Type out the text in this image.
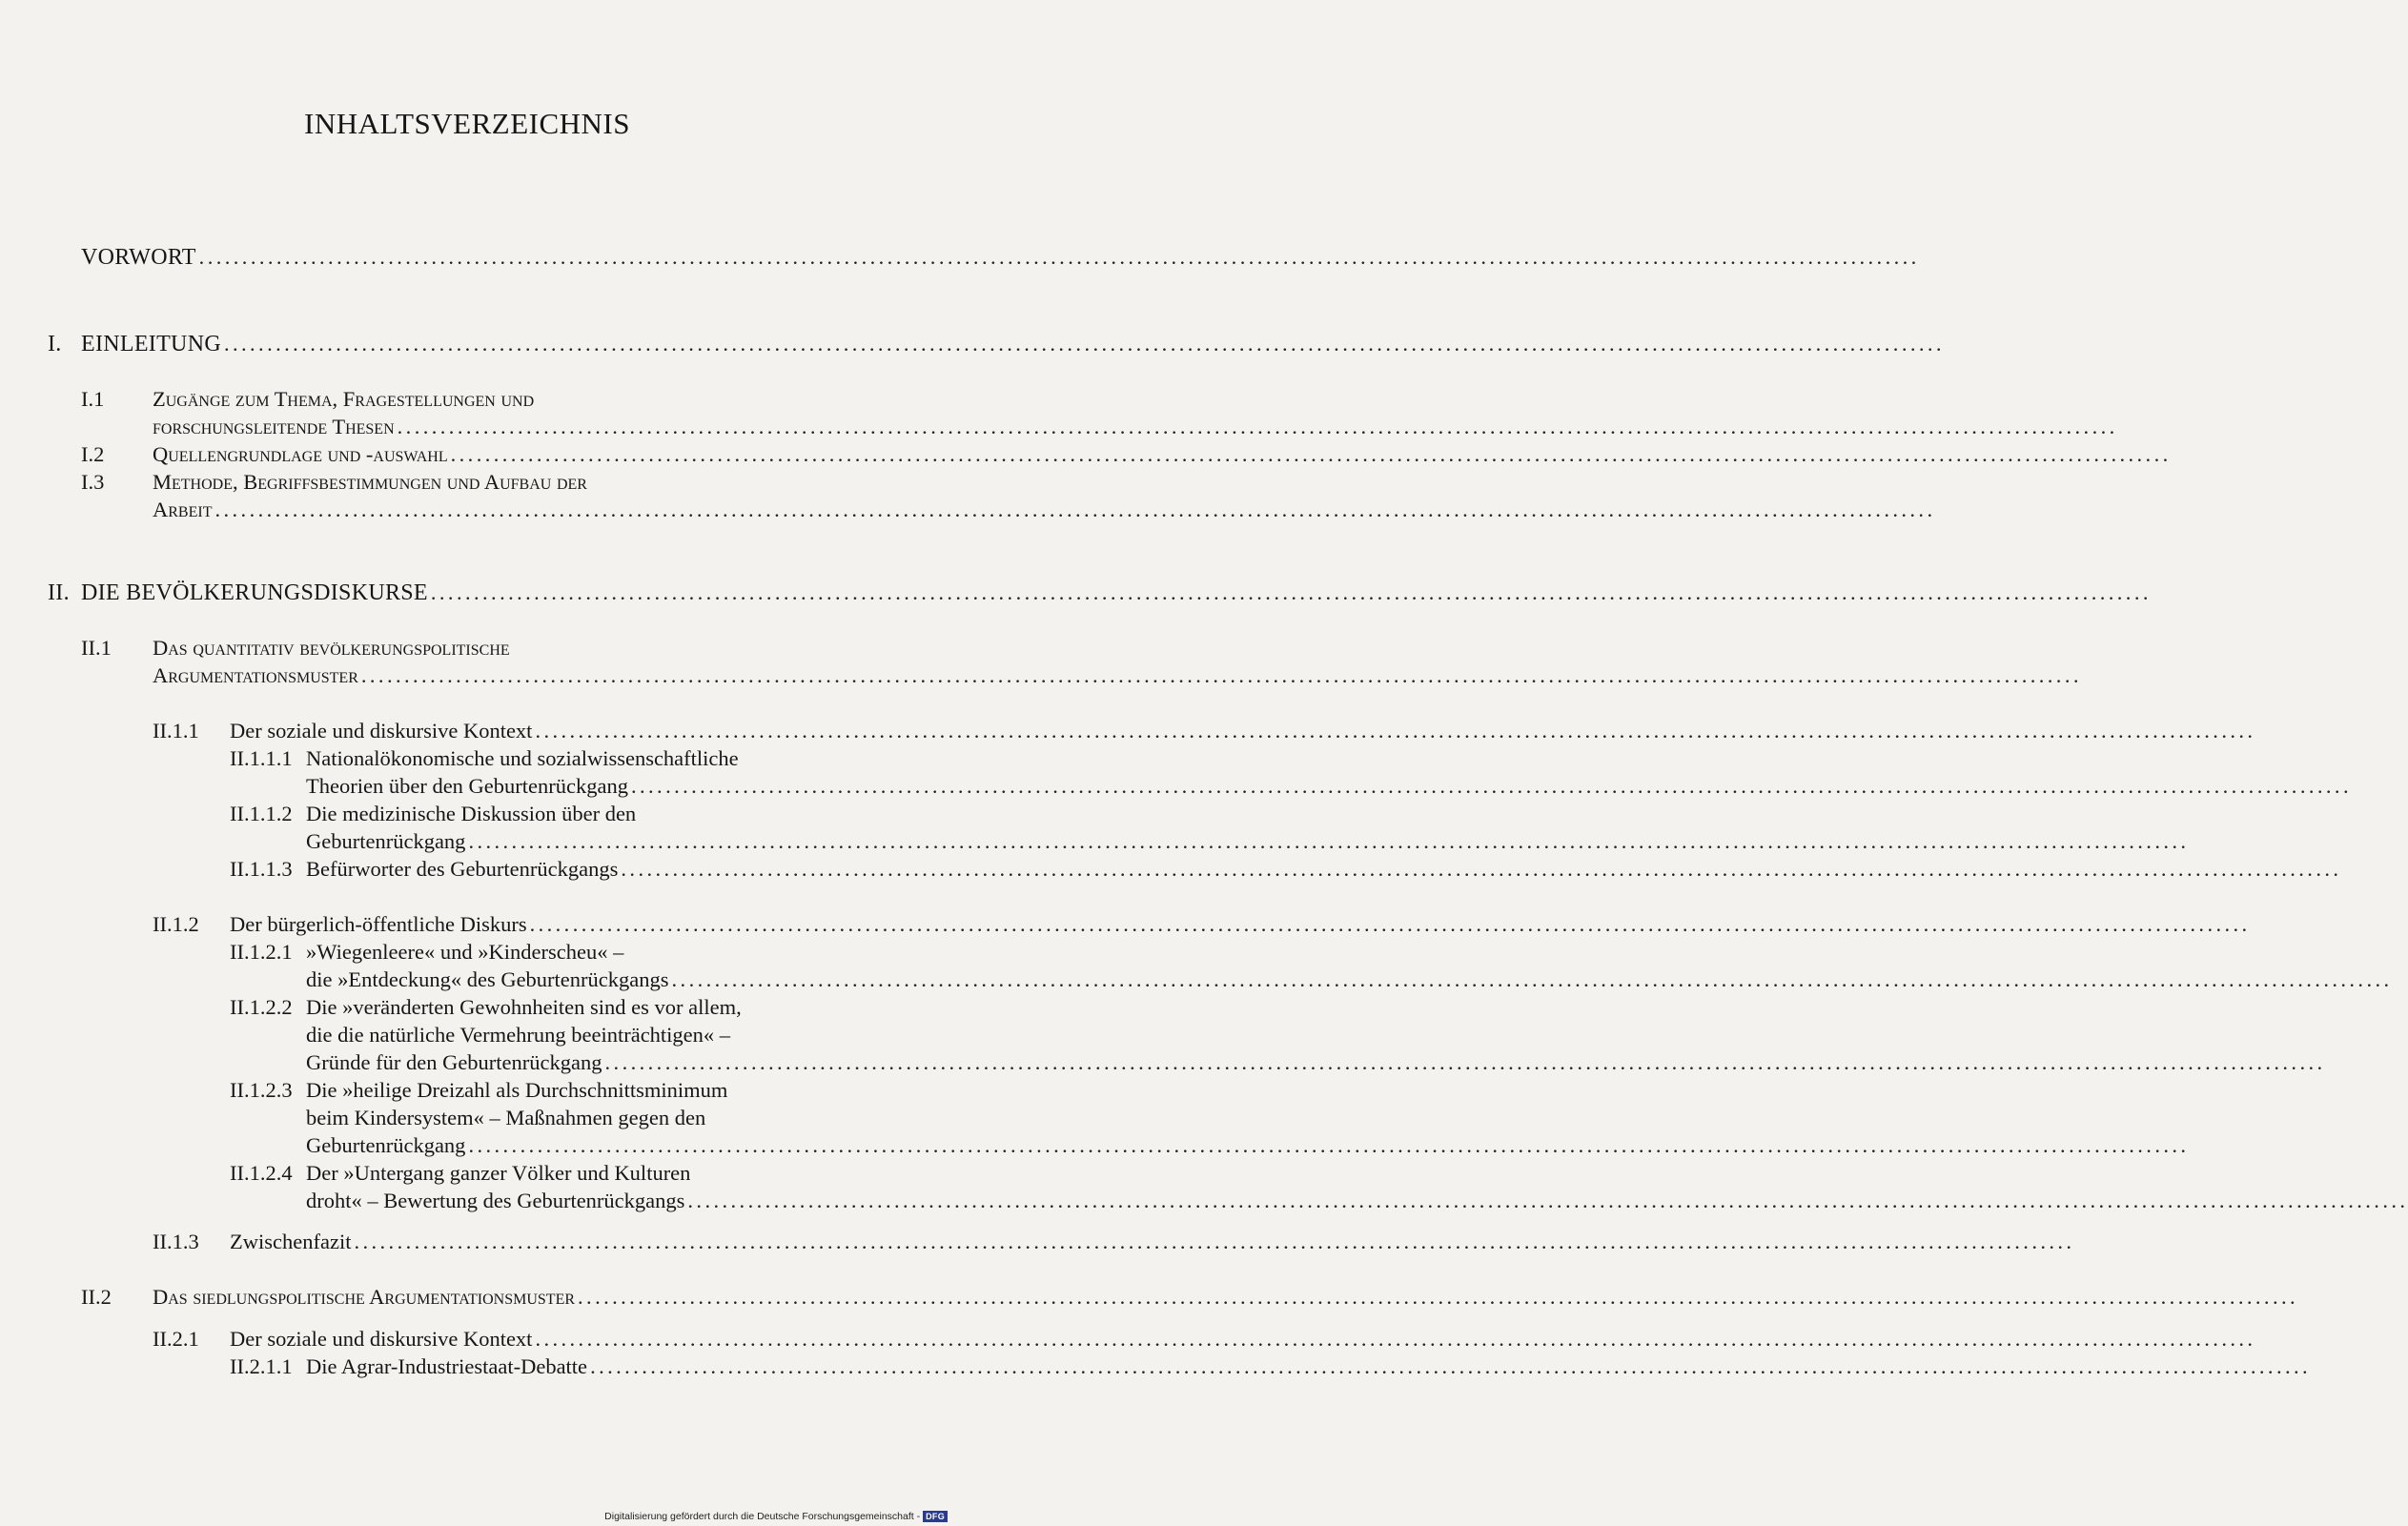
INHALTSVERZEICHNIS
VORWORT ........................................................................................................................................................................................................
I. EINLEITUNG ........................................................................................................................................................................................................
I.1 Zugänge zum Thema, Fragestellungen und
forschungsleitende Thesen ........................................................................................................................................................................................................
I.2 Quellengrundlage und -auswahl ........................................................................................................................................................................................................
I.3 Methode, Begriffsbestimmungen und Aufbau der
Arbeit ........................................................................................................................................................................................................
II. DIE BEVÖLKERUNGSDISKURSE ........................................................................................................................................................................................................
II.1 Das quantitativ bevölkerungspolitische
Argumentationsmuster ........................................................................................................................................................................................................
II.1.1 Der soziale und diskursive Kontext ........................................................................................................................................................................................................
II.1.1.1 Nationalökonomische und sozialwissenschaftliche
Theorien über den Geburtenrückgang ........................................................................................................................................................................................................
II.1.1.2 Die medizinische Diskussion über den
Geburtenrückgang ........................................................................................................................................................................................................
II.1.1.3 Befürworter des Geburtenrückgangs ........................................................................................................................................................................................................
II.1.2 Der bürgerlich-öffentliche Diskurs ........................................................................................................................................................................................................
II.1.2.1 »Wiegenleere« und »Kinderscheu« –
die »Entdeckung« des Geburtenrückgangs ........................................................................................................................................................................................................
II.1.2.2 Die »veränderten Gewohnheiten sind es vor allem,
die die natürliche Vermehrung beeinträchtigen« –
Gründe für den Geburtenrückgang ........................................................................................................................................................................................................
II.1.2.3 Die »heilige Dreizahl als Durchschnittsminimum
beim Kindersystem« – Maßnahmen gegen den
Geburtenrückgang ........................................................................................................................................................................................................
II.1.2.4 Der »Untergang ganzer Völker und Kulturen
droht« – Bewertung des Geburtenrückgangs ........................................................................................................................................................................................................
II.1.3 Zwischenfazit ........................................................................................................................................................................................................
II.2 Das siedlungspolitische Argumentationsmuster ........................................................................................................................................................................................................
II.2.1 Der soziale und diskursive Kontext ........................................................................................................................................................................................................
II.2.1.1 Die Agrar-Industriestaat-Debatte ........................................................................................................................................................................................................
Digitalisierung gefördert durch die Deutsche Forschungsgemeinschaft - DFG
